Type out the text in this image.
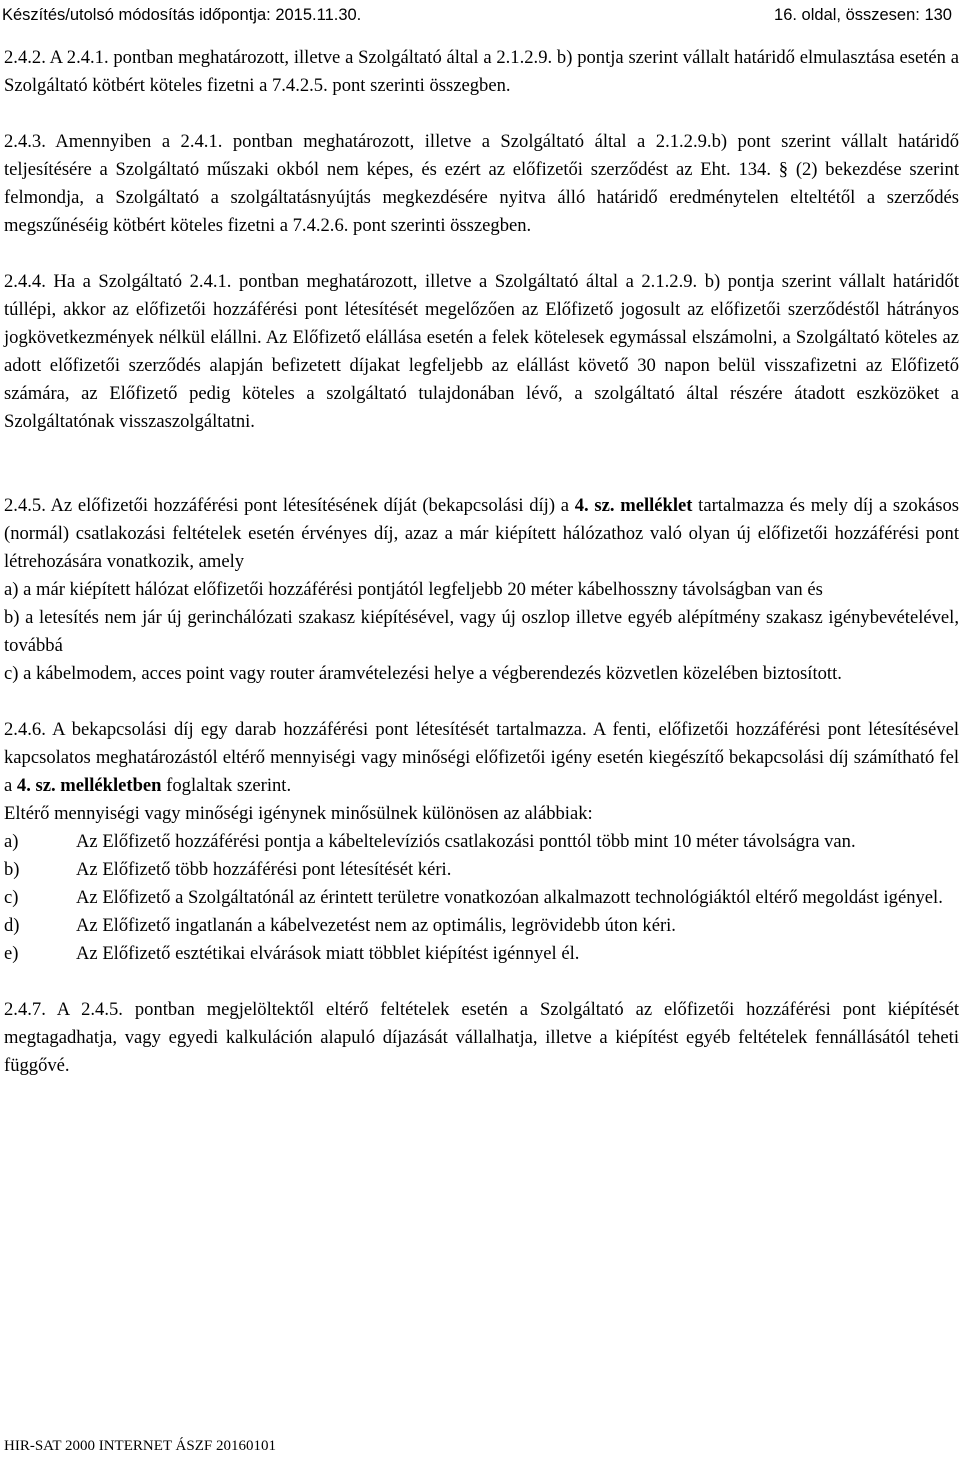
Készítés/utolsó módosítás időpontja: 2015.11.30.	16. oldal, összesen: 130

2.4.2. A 2.4.1. pontban meghatározott, illetve a Szolgáltató által a 2.1.2.9. b) pontja szerint vállalt határidő elmulasztása esetén a Szolgáltató kötbért köteles fizetni a 7.4.2.5. pont szerinti összegben.

2.4.3. Amennyiben a 2.4.1. pontban meghatározott, illetve a Szolgáltató által a 2.1.2.9.b) pont szerint vállalt határidő teljesítésére a Szolgáltató műszaki okból nem képes, és ezért az előfizetői szerződést az Eht. 134. § (2) bekezdése szerint felmondja, a Szolgáltató a szolgáltatásnyújtás megkezdésére nyitva álló határidő eredménytelen elteltétől a szerződés megszűnéséig kötbért köteles fizetni a 7.4.2.6. pont szerinti összegben.

2.4.4. Ha a Szolgáltató 2.4.1. pontban meghatározott, illetve a Szolgáltató által a 2.1.2.9. b) pontja szerint vállalt határidőt túllépi, akkor az előfizetői hozzáférési pont létesítését megelőzően az Előfizető jogosult az előfizetői szerződéstől hátrányos jogkövetkezmények nélkül elállni. Az Előfizető elállása esetén a felek kötelesek egymással elszámolni, a Szolgáltató köteles az adott előfizetői szerződés alapján befizetett díjakat legfeljebb az elállást követő 30 napon belül visszafizetni az Előfizető számára, az Előfizető pedig köteles a szolgáltató tulajdonában lévő, a szolgáltató által részére átadott eszközöket a Szolgáltatónak visszaszolgáltatni.

2.4.5. Az előfizetői hozzáférési pont létesítésének díját (bekapcsolási díj) a 4. sz. melléklet tartalmazza és mely díj a szokásos (normál) csatlakozási feltételek esetén érvényes díj, azaz a már kiépített hálózathoz való olyan új előfizetői hozzáférési pont létrehozására vonatkozik, amely

a) a már kiépített hálózat előfizetői hozzáférési pontjától legfeljebb 20 méter kábelhosszny távolságban van és

b) a letesítés nem jár új gerinchálózati szakasz kiépítésével, vagy új oszlop illetve egyéb alépítmény szakasz igénybevételével, továbbá

c) a kábelmodem, acces point vagy router áramvételezési helye a végberendezés közvetlen közelében biztosított.

2.4.6. A bekapcsolási díj egy darab hozzáférési pont létesítését tartalmazza. A fenti, előfizetői hozzáférési pont létesítésével kapcsolatos meghatározástól eltérő mennyiségi vagy minőségi előfizetői igény esetén kiegészítő bekapcsolási díj számítható fel a 4. sz. mellékletben foglaltak szerint.

Eltérő mennyiségi vagy minőségi igénynek minősülnek különösen az alábbiak:

a)	Az Előfizető hozzáférési pontja a kábeltelevíziós csatlakozási ponttól több mint 10 méter távolságra van.
b)	Az Előfizető több hozzáférési pont létesítését kéri.
c)	Az Előfizető a Szolgáltatónál az érintett területre vonatkozóan alkalmazott technológiáktól eltérő megoldást igényel.
d)	Az Előfizető ingatlanán a kábelvezetést nem az optimális, legrövidebb úton kéri.
e)	Az Előfizető esztétikai elvárások miatt többlet kiépítést igénnyel él.

2.4.7. A 2.4.5. pontban megjelöltektől eltérő feltételek esetén a Szolgáltató az előfizetői hozzáférési pont kiépítését megtagadhatja, vagy egyedi kalkuláción alapuló díjazását vállalhatja, illetve a kiépítést egyéb feltételek fennállásától teheti függővé.

HIR-SAT 2000 INTERNET ÁSZF 20160101
